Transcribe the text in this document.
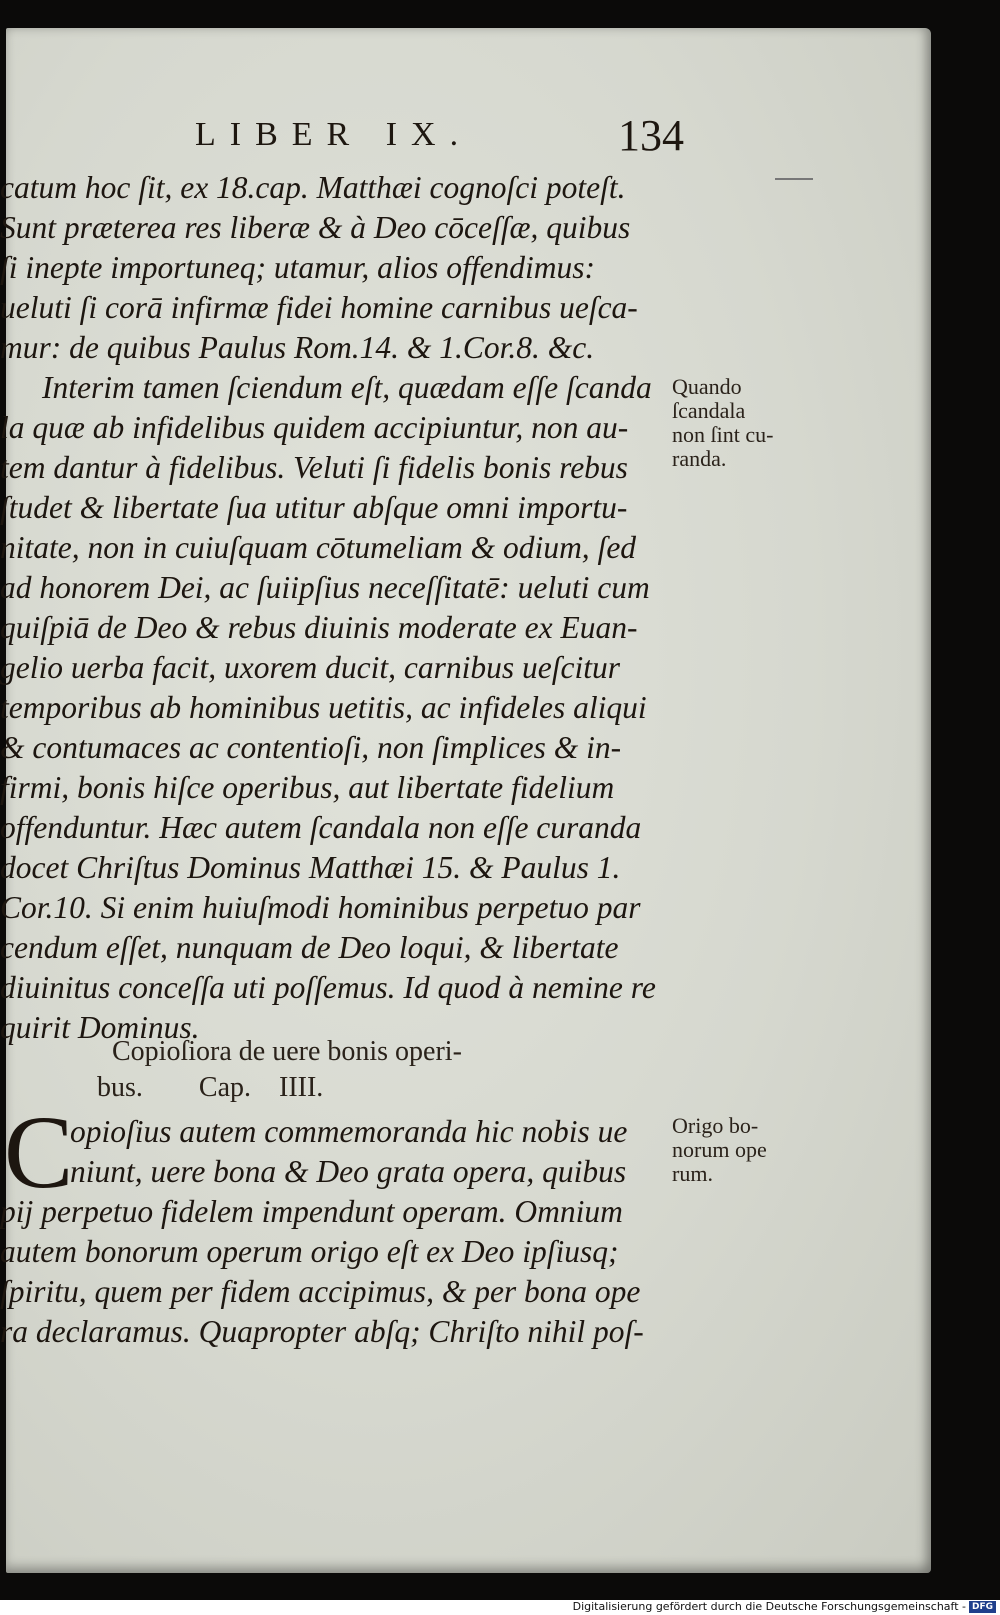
LIBER IX.	134
catum hoc ſit, ex 18.cap. Matthæi cognoſci poteſt.
Sunt præterea res liberæ & à Deo cōceſſæ, quibus
ſi inepte importuneq; utamur, alios offendimus:
ueluti ſi corā infirmæ fidei homine carnibus ueſca-
mur: de quibus Paulus Rom.14. & 1.Cor.8. &c.
Interim tamen ſciendum eſt, quædam eſſe ſcanda
la quæ ab infidelibus quidem accipiuntur, non au-
tem dantur à fidelibus. Veluti ſi fidelis bonis rebus
ſtudet & libertate ſua utitur abſque omni importu-
nitate, non in cuiuſquam cōtumeliam & odium, ſed
ad honorem Dei, ac ſuiipſius neceſſitatē: ueluti cum
quiſpiā de Deo & rebus diuinis moderate ex Euan-
gelio uerba facit, uxorem ducit, carnibus ueſcitur
temporibus ab hominibus uetitis, ac infideles aliqui
& contumaces ac contentioſi, non ſimplices & in-
firmi, bonis hiſce operibus, aut libertate fidelium
offenduntur. Hæc autem ſcandala non eſſe curanda
docet Chriſtus Dominus Matthæi 15. & Paulus 1.
Cor.10. Si enim huiuſmodi hominibus perpetuo par
cendum eſſet, nunquam de Deo loqui, & libertate
diuinitus conceſſa uti poſſemus. Id quod à nemine re
quirit Dominus.
Copioſiora de uere bonis operi-
bus.        Cap.    IIII.
C
opioſius autem commemoranda hic nobis ue
niunt, uere bona & Deo grata opera, quibus
pij perpetuo fidelem impendunt operam. Omnium
autem bonorum operum origo eſt ex Deo ipſiusq;
ſpiritu, quem per fidem accipimus, & per bona ope
ra declaramus. Quapropter abſq; Chriſto nihil poſ-
Quando
ſcandala
non ſint cu-
randa.
Origo bo-
norum ope
rum.
Digitalisierung gefördert durch die Deutsche Forschungsgemeinschaft - DFG
